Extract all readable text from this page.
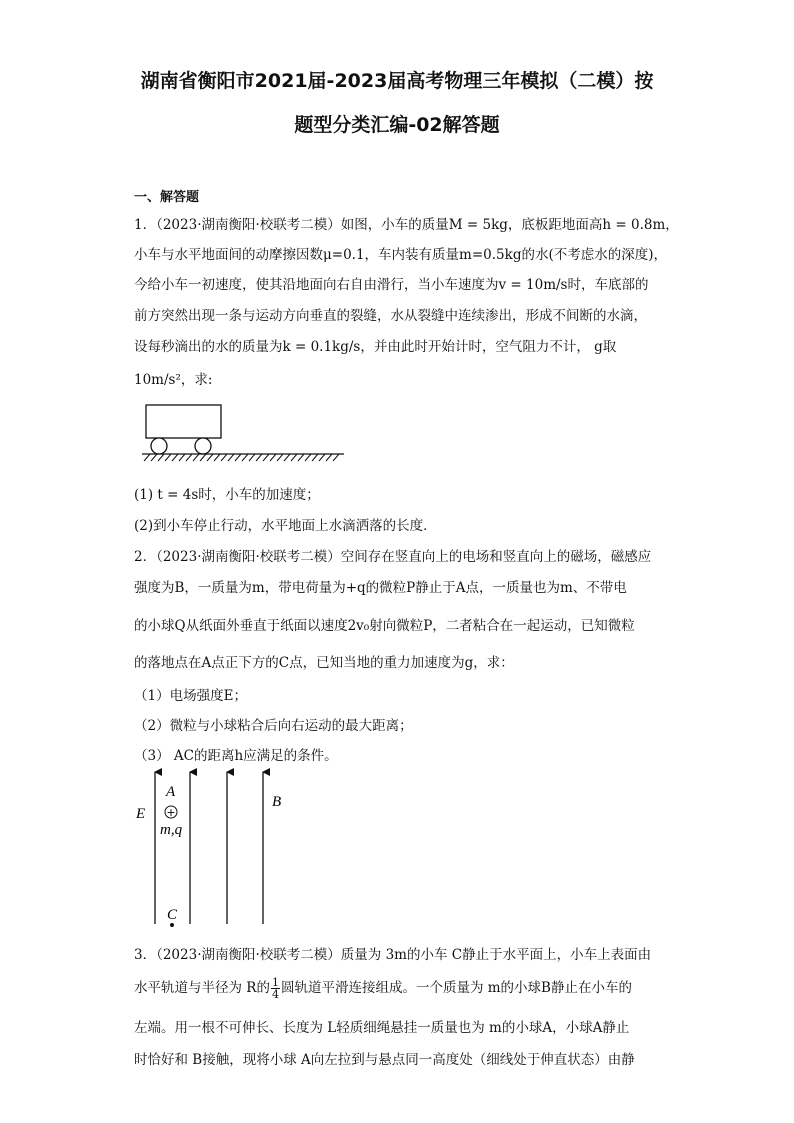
湖南省衡阳市2021届-2023届高考物理三年模拟（二模）按
题型分类汇编-02解答题
一、解答题
1．（2023·湖南衡阳·校联考二模）如图，小车的质量M = 5kg，底板距地面高h = 0.8m，
小车与水平地面间的动摩擦因数μ=0.1，车内装有质量m=0.5kg的水(不考虑水的深度)，
今给小车一初速度，使其沿地面向右自由滑行，当小车速度为v = 10m/s时，车底部的
前方突然出现一条与运动方向垂直的裂缝，水从裂缝中连续渗出，形成不间断的水滴，
设每秒滴出的水的质量为k = 0.1kg/s，并由此时开始计时，空气阻力不计， g取
10m/s²，求:
(1) t = 4s时，小车的加速度；
(2)到小车停止行动，水平地面上水滴洒落的长度．
2．（2023·湖南衡阳·校联考二模）空间存在竖直向上的电场和竖直向上的磁场，磁感应
强度为B，一质量为m，带电荷量为+q的微粒P静止于A点，一质量也为m、不带电
的小球Q从纸面外垂直于纸面以速度2v₀射向微粒P，二者粘合在一起运动，已知微粒
的落地点在A点正下方的C点，已知当地的重力加速度为g，求：
（1）电场强度E；
（2）微粒与小球粘合后向右运动的最大距离；
（3） AC的距离h应满足的条件。
+
A
E
m,q
B
C
3．（2023·湖南衡阳·校联考二模）质量为 3m的小车 C静止于水平面上，小车上表面由
水平轨道与半径为 R的 $\frac{1}{4}$ 圆轨道平滑连接组成。一个质量为 m的小球B静止在小车的
左端。用一根不可伸长、长度为 L轻质细绳悬挂一质量也为 m的小球A，小球A静止
时恰好和 B接触，现将小球 A向左拉到与悬点同一高度处（细线处于伸直状态）由静
